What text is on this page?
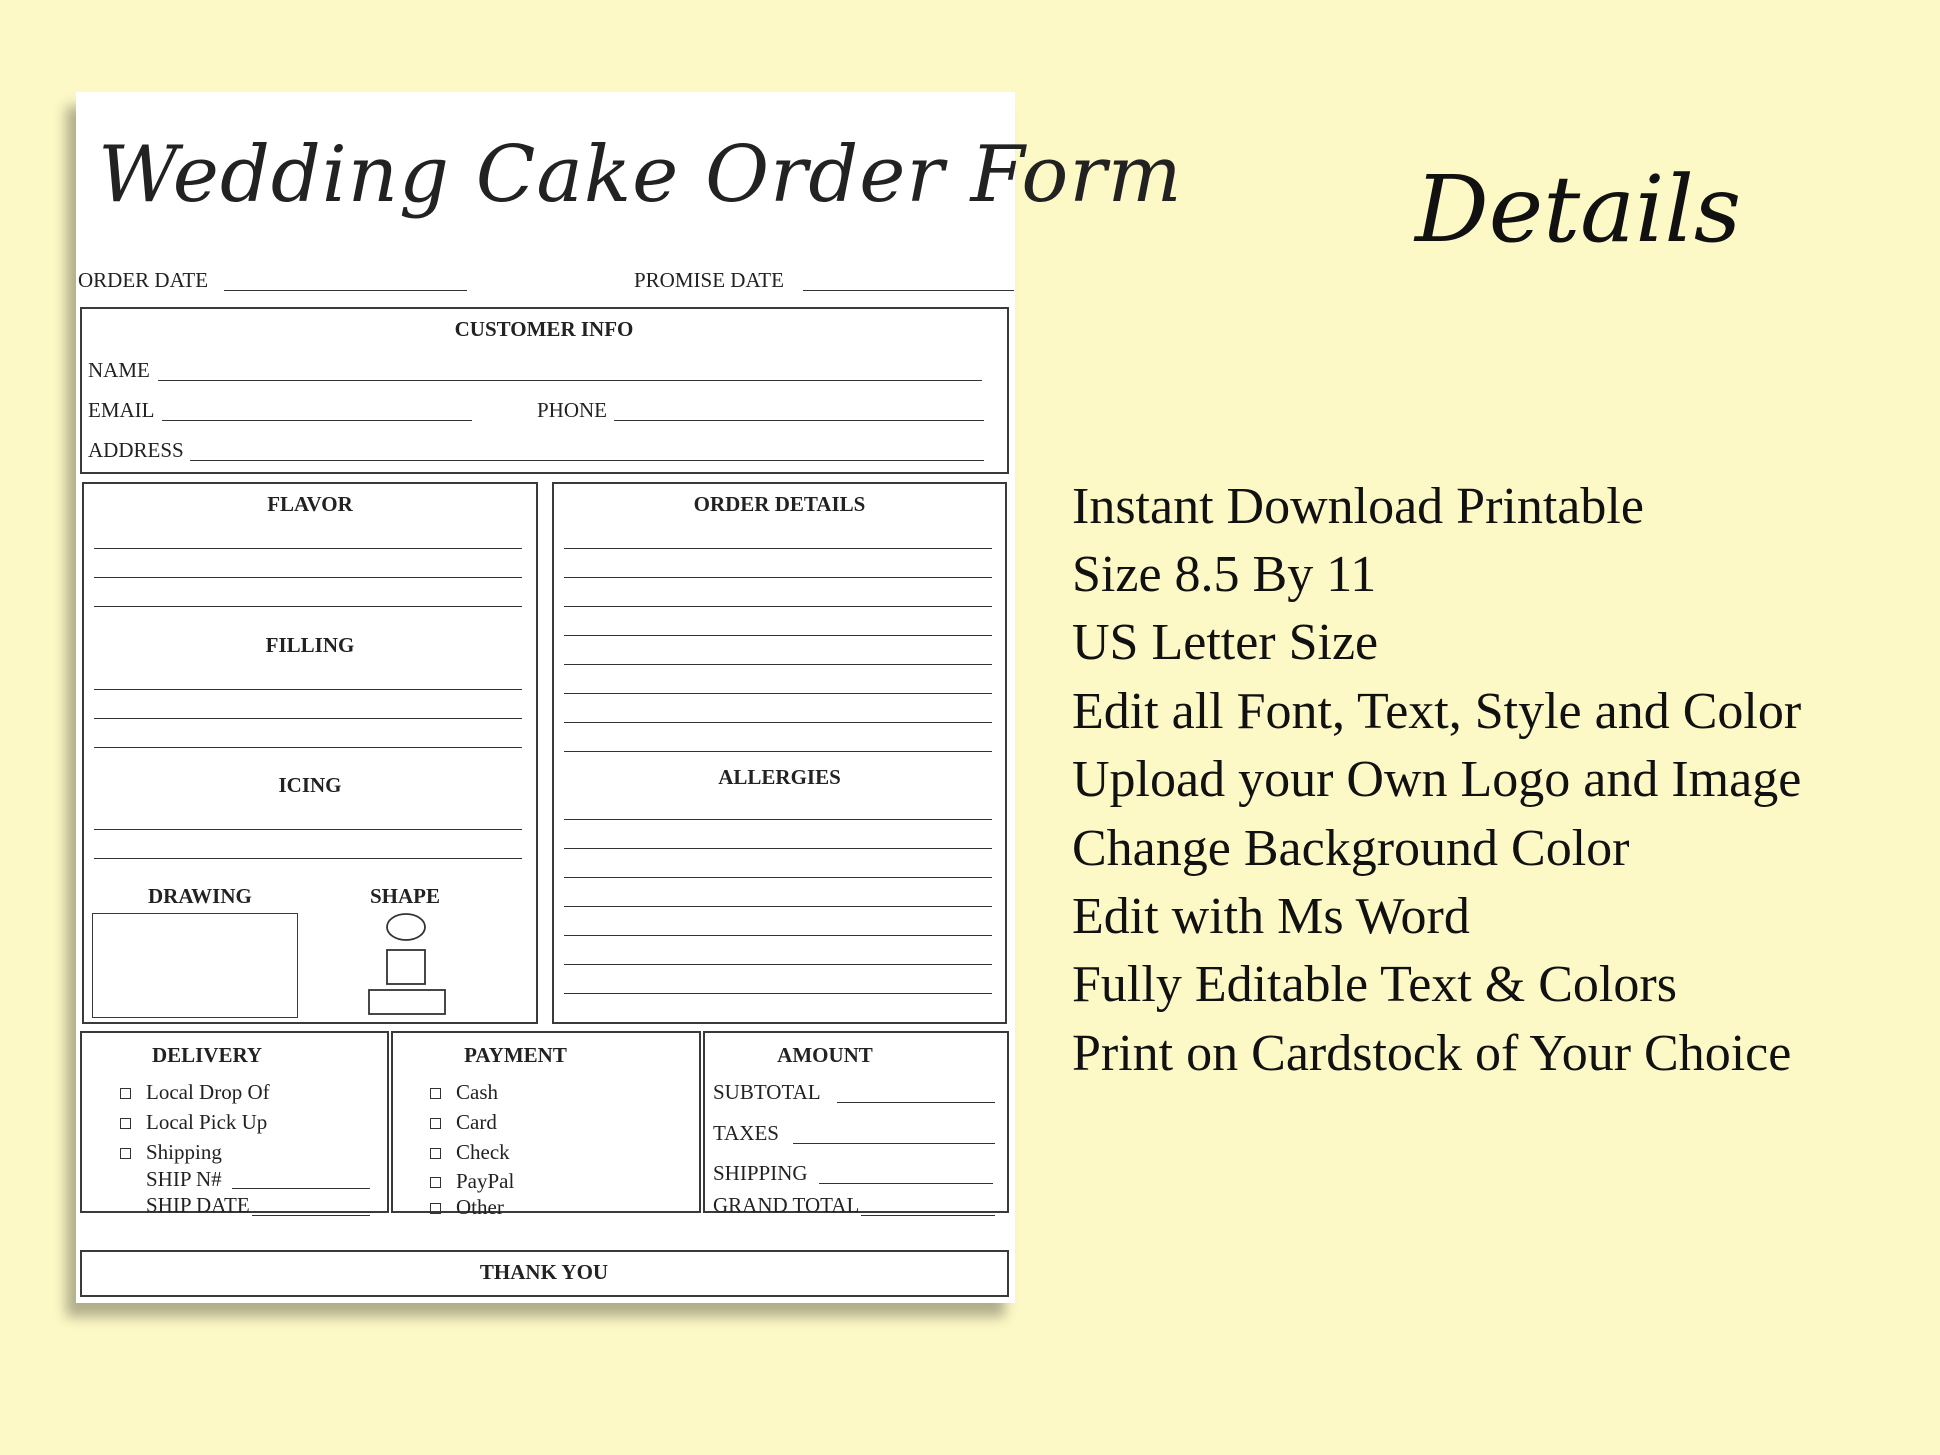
Wedding Cake Order Form
ORDER DATE	PROMISE DATE
CUSTOMER INFO
NAME
EMAIL	PHONE
ADDRESS
FLAVOR
FILLING
ICING
DRAWING	SHAPE
ORDER DETAILS
ALLERGIES
DELIVERY
Local Drop Of
Local Pick Up
Shipping
SHIP N#
SHIP DATE
PAYMENT
Cash
Card
Check
PayPal
Other
AMOUNT
SUBTOTAL
TAXES
SHIPPING
GRAND TOTAL
THANK YOU
Details
Instant Download Printable
Size 8.5 By 11
US Letter Size
Edit all Font, Text, Style and Color
Upload your Own Logo and Image
Change Background Color
Edit with Ms Word
Fully Editable Text & Colors
Print on Cardstock of Your Choice
